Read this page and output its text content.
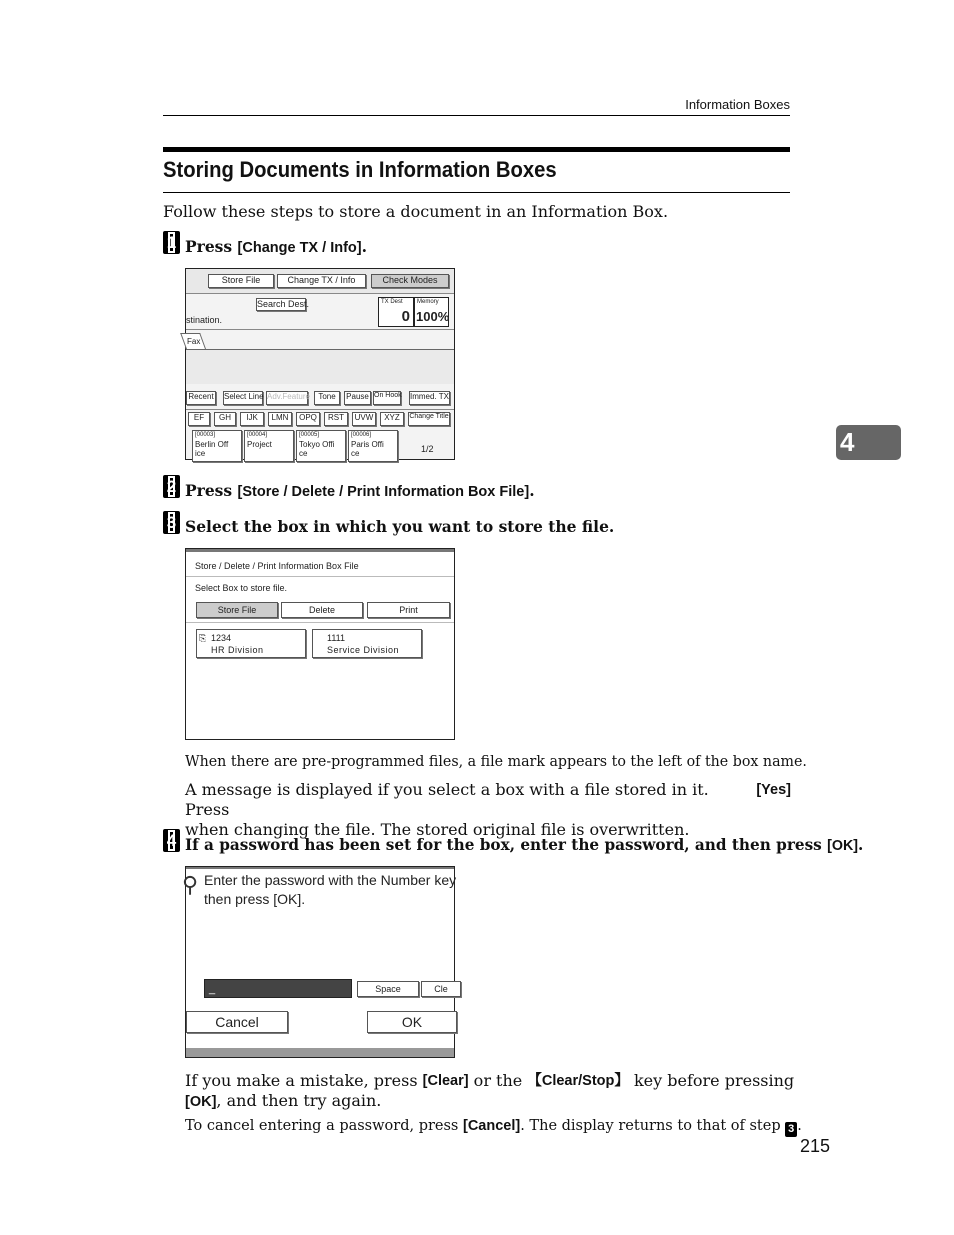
Information Boxes
Storing Documents in Information Boxes
Follow these steps to store a document in an Information Box.
1 Press [Change TX / Info].
Store File	Change TX / Info	Check Modes
Search Dest.	TX Dest
0
Memory
100%
stination.
Fax
Recent Select Line Adv.Feature	Tone	Pause On Hook Immed. TX
EF	GH	IJK	LMN	OPQ	RST	UVW	XYZ	Change Title
[00003]
Berlin Off
ice
[00004]
Project
[00005]
Tokyo Offi
ce
[00006]
Paris Offi
ce	1/2
2 Press [Store / Delete / Print Information Box File].
3 Select the box in which you want to store the file.
Store / Delete / Print Information Box File
Select Box to store file.
Store File	Delete	Print
⎘ 1234
HR Division
1111
Service Division
When there are pre-programmed files, a file mark appears to the left of the box name.
A message is displayed if you select a box with a file stored in it. Press
[Yes]
when changing the file. The stored original file is overwritten.
4 If a password has been set for the box, enter the password, and then press [OK].
⚲ Enter the password with the Number key
then press [OK].
_	Space	Cle
Cancel	OK
If you make a mistake, press [Clear] or the 【Clear/Stop】 key before pressing
[OK], and then try again.
To cancel entering a password, press [Cancel]. The display returns to that of step 3 .
4
215
